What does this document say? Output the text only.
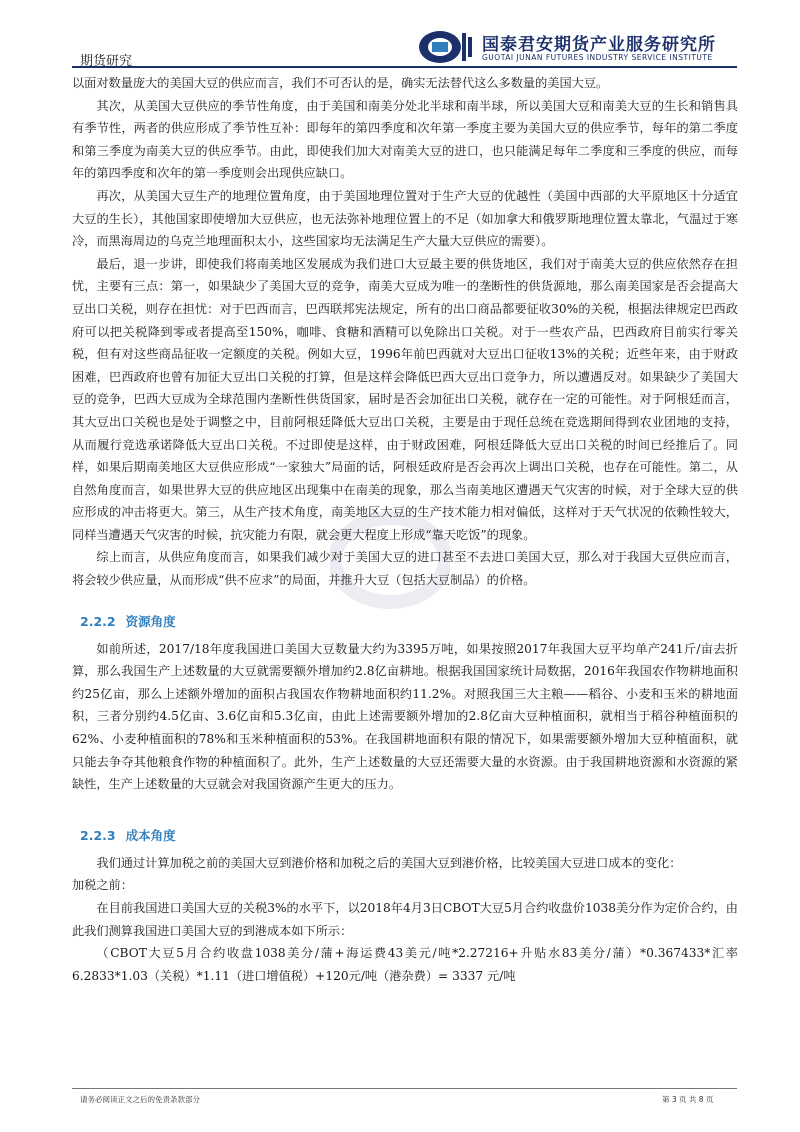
期货研究
国泰君安期货产业服务研究所
GUOTAI JUNAN FUTURES INDUSTRY SERVICE INSTITUTE

以面对数量庞大的美国大豆的供应而言，我们不可否认的是，确实无法替代这么多数量的美国大豆。

其次，从美国大豆供应的季节性角度，由于美国和南美分处北半球和南半球，所以美国大豆和南美大豆的生长和销售具有季节性，两者的供应形成了季节性互补：即每年的第四季度和次年第一季度主要为美国大豆的供应季节，每年的第二季度和第三季度为南美大豆的供应季节。由此，即使我们加大对南美大豆的进口，也只能满足每年二季度和三季度的供应，而每年的第四季度和次年的第一季度则会出现供应缺口。

再次，从美国大豆生产的地理位置角度，由于美国地理位置对于生产大豆的优越性（美国中西部的大平原地区十分适宜大豆的生长），其他国家即使增加大豆供应，也无法弥补地理位置上的不足（如加拿大和俄罗斯地理位置太靠北，气温过于寒冷，而黑海周边的乌克兰地理面积太小，这些国家均无法满足生产大量大豆供应的需要）。

最后，退一步讲，即使我们将南美地区发展成为我们进口大豆最主要的供货地区，我们对于南美大豆的供应依然存在担忧，主要有三点：第一，如果缺少了美国大豆的竞争，南美大豆成为唯一的垄断性的供货源地，那么南美国家是否会提高大豆出口关税，则存在担忧：对于巴西而言，巴西联邦宪法规定，所有的出口商品都要征收30%的关税，根据法律规定巴西政府可以把关税降到零或者提高至150%，咖啡、食糖和酒精可以免除出口关税。对于一些农产品，巴西政府目前实行零关税，但有对这些商品征收一定额度的关税。例如大豆，1996年前巴西就对大豆出口征收13%的关税；近些年来，由于财政困难，巴西政府也曾有加征大豆出口关税的打算，但是这样会降低巴西大豆出口竞争力，所以遭遇反对。如果缺少了美国大豆的竞争，巴西大豆成为全球范围内垄断性供货国家，届时是否会加征出口关税，就存在一定的可能性。对于阿根廷而言，其大豆出口关税也是处于调整之中，目前阿根廷降低大豆出口关税，主要是由于现任总统在竞选期间得到农业团地的支持，从而履行竞选承诺降低大豆出口关税。不过即使是这样，由于财政困难，阿根廷降低大豆出口关税的时间已经推后了。同样，如果后期南美地区大豆供应形成“一家独大”局面的话，阿根廷政府是否会再次上调出口关税，也存在可能性。第二，从自然角度而言，如果世界大豆的供应地区出现集中在南美的现象，那么当南美地区遭遇天气灾害的时候，对于全球大豆的供应形成的冲击将更大。第三，从生产技术角度，南美地区大豆的生产技术能力相对偏低，这样对于天气状况的依赖性较大，同样当遭遇天气灾害的时候，抗灾能力有限，就会更大程度上形成“靠天吃饭”的现象。

综上而言，从供应角度而言，如果我们减少对于美国大豆的进口甚至不去进口美国大豆，那么对于我国大豆供应而言，将会较少供应量，从而形成“供不应求”的局面，并推升大豆（包括大豆制品）的价格。

2.2.2 资源角度

如前所述，2017/18年度我国进口美国大豆数量大约为3395万吨，如果按照2017年我国大豆平均单产241斤/亩去折算，那么我国生产上述数量的大豆就需要额外增加约2.8亿亩耕地。根据我国国家统计局数据，2016年我国农作物耕地面积约25亿亩，那么上述额外增加的面积占我国农作物耕地面积约11.2%。对照我国三大主粮——稻谷、小麦和玉米的耕地面积，三者分别约4.5亿亩、3.6亿亩和5.3亿亩，由此上述需要额外增加的2.8亿亩大豆种植面积，就相当于稻谷种植面积的62%、小麦种植面积的78%和玉米种植面积的53%。在我国耕地面积有限的情况下，如果需要额外增加大豆种植面积，就只能去争夺其他粮食作物的种植面积了。此外，生产上述数量的大豆还需要大量的水资源。由于我国耕地资源和水资源的紧缺性，生产上述数量的大豆就会对我国资源产生更大的压力。

2.2.3 成本角度

我们通过计算加税之前的美国大豆到港价格和加税之后的美国大豆到港价格，比较美国大豆进口成本的变化：

加税之前：

在目前我国进口美国大豆的关税3%的水平下，以2018年4月3日CBOT大豆5月合约收盘价1038美分作为定价合约，由此我们测算我国进口美国大豆的到港成本如下所示：

（CBOT大豆5月合约收盘1038美分/蒲+海运费43美元/吨*2.27216+升贴水83美分/蒲）*0.367433*汇率6.2833*1.03（关税）*1.11（进口增值税）+120元/吨（港杂费）= 3337 元/吨

请务必阅读正文之后的免责条款部分	第 3 页 共 8 页
